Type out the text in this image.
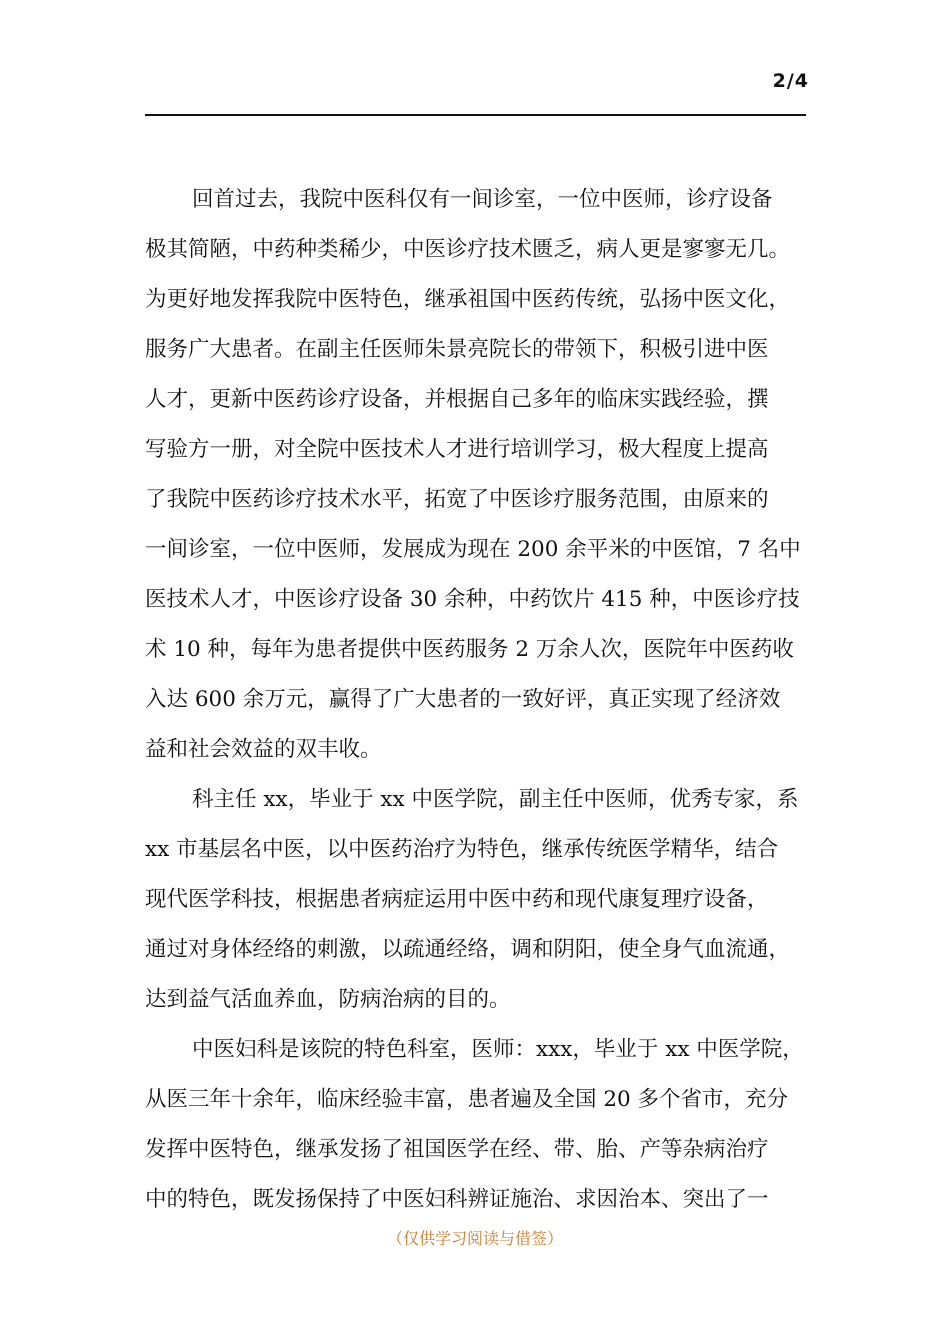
2/4
回首过去，我院中医科仅有一间诊室，一位中医师，诊疗设备
极其简陋，中药种类稀少，中医诊疗技术匮乏，病人更是寥寥无几。
为更好地发挥我院中医特色，继承祖国中医药传统，弘扬中医文化，
服务广大患者。在副主任医师朱景亮院长的带领下，积极引进中医
人才，更新中医药诊疗设备，并根据自己多年的临床实践经验，撰
写验方一册，对全院中医技术人才进行培训学习，极大程度上提高
了我院中医药诊疗技术水平，拓宽了中医诊疗服务范围，由原来的
一间诊室，一位中医师，发展成为现在 200 余平米的中医馆，7 名中
医技术人才，中医诊疗设备 30 余种，中药饮片 415 种，中医诊疗技
术 10 种，每年为患者提供中医药服务 2 万余人次，医院年中医药收
入达 600 余万元，赢得了广大患者的一致好评，真正实现了经济效
益和社会效益的双丰收。
科主任 xx，毕业于 xx 中医学院，副主任中医师，优秀专家，系
xx 市基层名中医，以中医药治疗为特色，继承传统医学精华，结合
现代医学科技，根据患者病症运用中医中药和现代康复理疗设备，
通过对身体经络的刺激，以疏通经络，调和阴阳，使全身气血流通，
达到益气活血养血，防病治病的目的。
中医妇科是该院的特色科室，医师：xxx，毕业于 xx 中医学院，
从医三年十余年，临床经验丰富，患者遍及全国 20 多个省市，充分
发挥中医特色，继承发扬了祖国医学在经、带、胎、产等杂病治疗
中的特色，既发扬保持了中医妇科辨证施治、求因治本、突出了一
（仅供学习阅读与借签）
